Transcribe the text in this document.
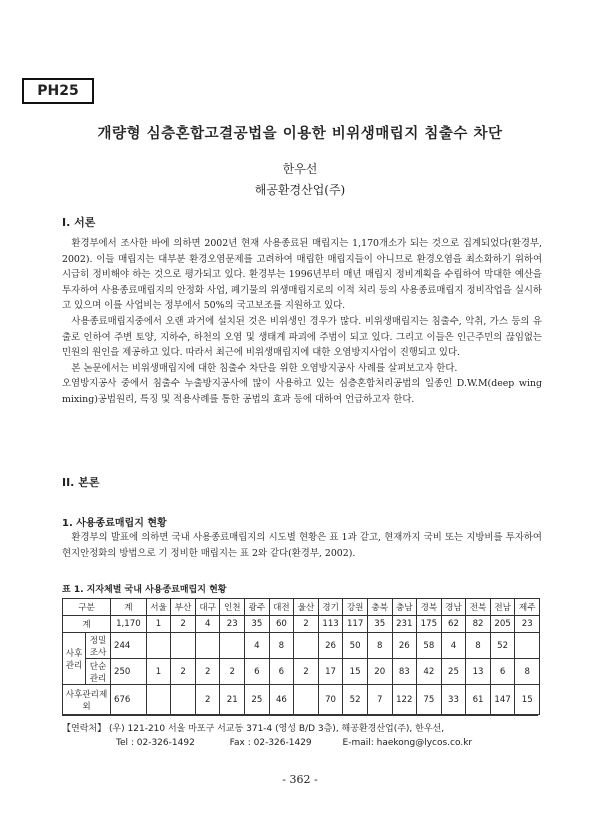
PH25
개량형 심층혼합고결공법을 이용한 비위생매립지 침출수 차단
한우선
해공환경산업(주)
I. 서론

환경부에서 조사한 바에 의하면 2002년 현재 사용종료된 매립지는 1,170개소가 되는 것으로 집계되었다(환경부, 2002). 이들 매립지는 대부분 환경오염문제를 고려하여 매립한 매립지들이 아니므로 환경오염을 최소화하기 위하여 시급히 정비해야 하는 것으로 평가되고 있다. 환경부는 1996년부터 매년 매립지 정비계획을 수립하여 막대한 예산을 투자하여 사용종료매립지의 안정화 사업, 폐기물의 위생매립지로의 이적 처리 등의 사용종료매립지 정비작업을 실시하고 있으며 이를 사업비는 정부에서 50%의 국고보조를 지원하고 있다.

사용종료매립지중에서 오랜 과거에 설치된 것은 비위생인 경우가 많다. 비위생매립지는 침출수, 악취, 가스 등의 유출로 인하여 주변 토양, 지하수, 하천의 오염 및 생태계 파괴에 주범이 되고 있다. 그리고 이들은 인근주민의 끊임없는 민원의 원인을 제공하고 있다. 따라서 최근에 비위생매립지에 대한 오염방지사업이 진행되고 있다.

본 논문에서는 비위생매립지에 대한 침출수 차단을 위한 오염방지공사 사례를 살펴보고자 한다.

오염방지공사 중에서 침출수 누출방지공사에 많이 사용하고 있는 심층혼합처리공법의 일종인 D.W.M(deep wing mixing)공법원리, 특징 및 적용사례를 통한 공법의 효과 등에 대하여 언급하고자 한다.

II. 본론
1. 사용종료매립지 현황
환경부의 발표에 의하면 국내 사용종료매립지의 시도별 현황은 표 1과 같고, 현재까지 국비 또는 지방비를 투자하여 현지안정화의 방법으로 기 정비한 매립지는 표 2와 같다(환경부, 2002).
표 1. 지자체별 국내 사용종료매립지 현황
구분		계	서울	부산	대구	인천	광주	대전	울산	경기	강원	충북	충남	경북	경남	전북	전남	제주
계		1,170	1	2	4	23	35	60	2	113	117	35	231	175	62	82	205	23
사후관리	정밀조사	244					4	8		26	50	8	26	58	4	8	52	
	단순관리	250	1	2	2	2	6	6	2	17	15	20	83	42	25	13	6	8
사후관리제외		676			2	21	25	46		70	52	7	122	75	33	61	147	15
【연락처】 (우) 121-210 서울 마포구 서교동 371-4 (영성 B/D 3층), 해공환경산업(주), 한우선,
Tel : 02-326-1492	Fax : 02-326-1429	E-mail: haekong@lycos.co.kr
- 362 -
